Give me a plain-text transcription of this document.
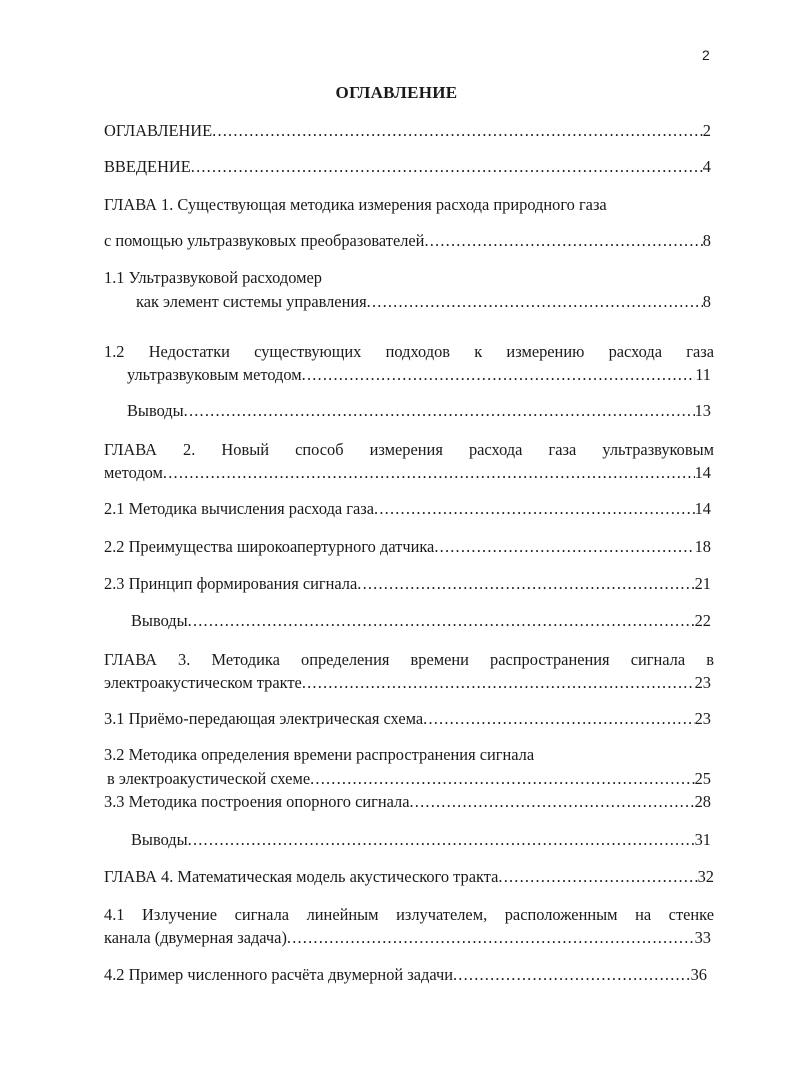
2
ОГЛАВЛЕНИЕ
ОГЛАВЛЕНИЕ .....	2
ВВЕДЕНИЕ .....	4
ГЛАВА 1. Существующая методика измерения расхода природного газа
с помощью ультразвуковых преобразователей .....	8
1.1 Ультразвуковой расходомер
как элемент системы управления .....	8
1.2 Недостатки существующих подходов к измерению расхода газа
ультразвуковым методом .....	11
Выводы .....	13
ГЛАВА 2. Новый способ измерения расхода газа ультразвуковым
методом .....	14
2.1 Методика вычисления расхода газа .....	14
2.2 Преимущества широкоапертурного датчика .....	18
2.3 Принцип формирования сигнала .....	21
Выводы .....	22
ГЛАВА 3. Методика определения времени распространения сигнала в
электроакустическом тракте .....	23
3.1 Приёмо-передающая электрическая схема .....	23
3.2 Методика определения времени распространения сигнала
в электроакустической схеме .....	25
3.3 Методика построения опорного сигнала .....	28
Выводы .....	31
ГЛАВА 4. Математическая модель акустического тракта .....	32
4.1 Излучение сигнала линейным излучателем, расположенным на стенке
канала (двумерная задача) .....	33
4.2 Пример численного расчёта двумерной задачи .....	36
